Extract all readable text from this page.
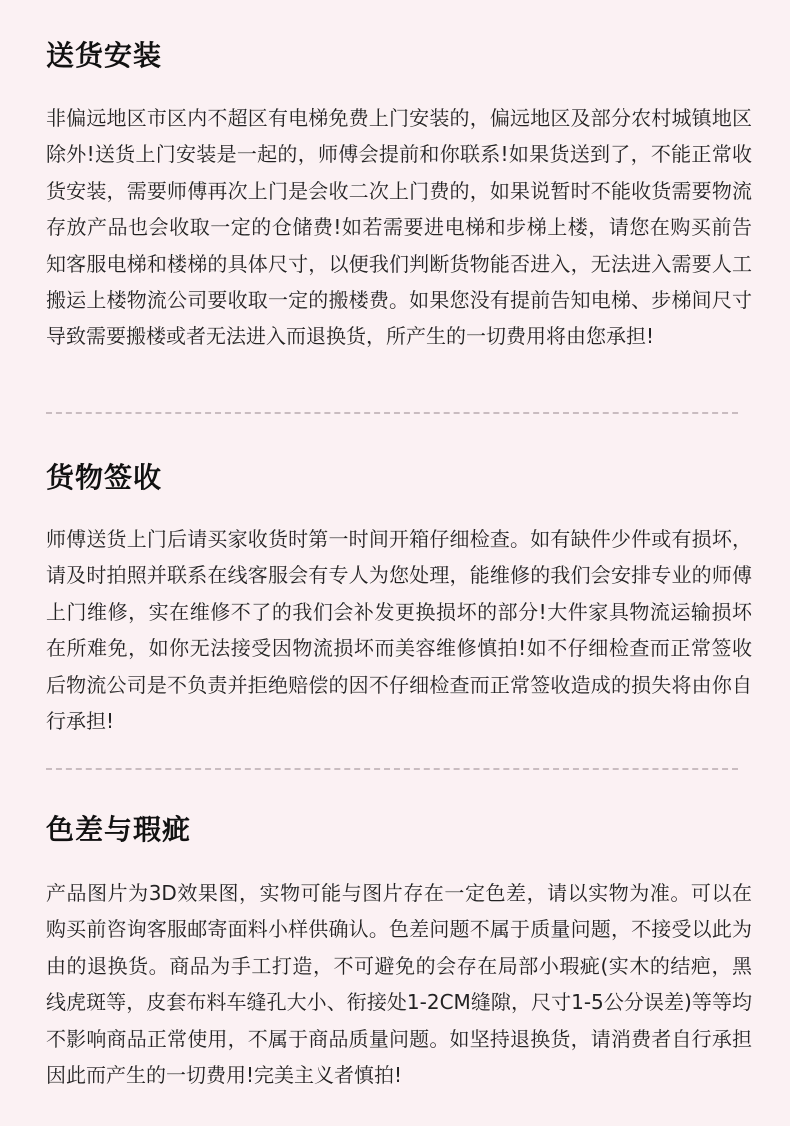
送货安装

非偏远地区市区内不超区有电梯免费上门安装的，偏远地区及部分农村城镇地区除外!送货上门安装是一起的，师傅会提前和你联系!如果货送到了，不能正常收货安装，需要师傅再次上门是会收二次上门费的，如果说暂时不能收货需要物流存放产品也会收取一定的仓储费!如若需要进电梯和步梯上楼，请您在购买前告知客服电梯和楼梯的具体尺寸，以便我们判断货物能否进入，无法进入需要人工搬运上楼物流公司要收取一定的搬楼费。如果您没有提前告知电梯、步梯间尺寸导致需要搬楼或者无法进入而退换货，所产生的一切费用将由您承担!

货物签收

师傅送货上门后请买家收货时第一时间开箱仔细检查。如有缺件少件或有损坏，请及时拍照并联系在线客服会有专人为您处理，能维修的我们会安排专业的师傅上门维修，实在维修不了的我们会补发更换损坏的部分!大件家具物流运输损坏在所难免，如你无法接受因物流损坏而美容维修慎拍!如不仔细检查而正常签收后物流公司是不负责并拒绝赔偿的因不仔细检查而正常签收造成的损失将由你自行承担!

色差与瑕疵

产品图片为3D效果图，实物可能与图片存在一定色差，请以实物为准。可以在购买前咨询客服邮寄面料小样供确认。色差问题不属于质量问题，不接受以此为由的退换货。商品为手工打造，不可避免的会存在局部小瑕疵(实木的结疤，黑线虎斑等，皮套布料车缝孔大小、衔接处1-2CM缝隙，尺寸1-5公分误差)等等均不影响商品正常使用，不属于商品质量问题。如坚持退换货，请消费者自行承担因此而产生的一切费用!完美主义者慎拍!
